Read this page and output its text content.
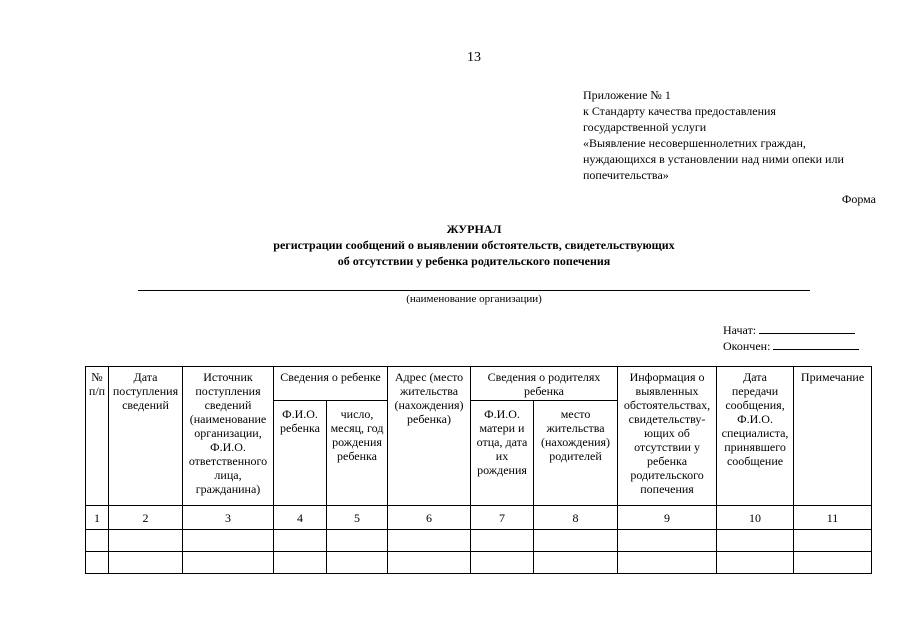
13
Приложение № 1
к Стандарту качества предоставления
государственной услуги
«Выявление несовершеннолетних граждан,
нуждающихся в установлении над ними опеки или
попечительства»
Форма
ЖУРНАЛ
регистрации сообщений о выявлении обстоятельств, свидетельствующих
об отсутствии у ребенка родительского попечения
(наименование организации)
Начат:
Окончен:
№ п/п	Дата поступления сведений	Источник поступления сведений (наименование организации, Ф.И.О. ответственного лица, гражданина)	Сведения о ребенке		Адрес (место жительства (нахождения) ребенка)	Сведения о родителях ребенка		Информация о выявленных обстоятельствах, свидетельству-ющих об отсутствии у ребенка родительского попечения	Дата передачи сообщения, Ф.И.О. специалиста, принявшего сообщение	Примечание
			Ф.И.О. ребенка	число, месяц, год рождения ребенка		Ф.И.О. матери и отца, дата их рождения	место жительства (нахождения) родителей			
1	2	3	4	5	6	7	8	9	10	11
